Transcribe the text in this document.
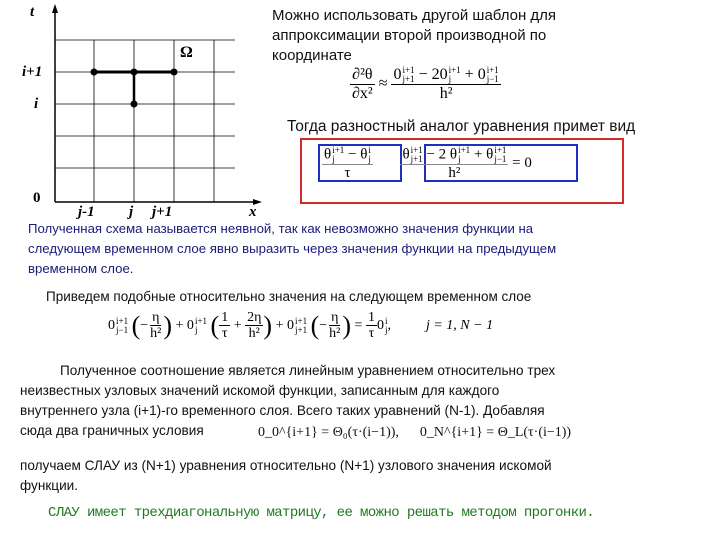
t
i+1
i
0
Ω
j-1 j j+1	x
Можно использовать другой шаблон для
аппроксимации второй производной по
координате
$\frac{\text{∂²θ}}{\text{∂x²}} \approx 0$ i+1
j+1 − 20 i+1
j + 0 i+1
j−1
h²
Тогда разностный аналог уравнения примет вид
θ i+1
j − θ i
j
τ
θ i+1
j+1 − 2 θ i+1
j + θ i+1
j−1
h² = 0
Полученная схема называется неявной, так как невозможно значения функции на
следующем временном слое явно выразить через значения функции на предыдущем
временном слое.
Приведем подобные относительно значения на следующем временном слое
0 i+1
j−1 (− $\frac{\eta}{\text{h²}}$ ) + 0 i+1
j ( $\frac{1}{\tau} + \frac{2\eta}{\text{h²}}$ ) + 0 i+1
j+1 (− $\frac{\eta}{\text{h²}}$ ) = $\frac{1}{\tau} 0$ i
j ,  j = 1, N − 1
Полученное соотношение является линейным уравнением относительно трех
неизвестных узловых значений искомой функции, записанным для каждого
внутреннего узла (i+1)-го временного слоя. Всего таких уравнений (N-1). Добавляя
сюда два граничных условия	0_0^{i+1} = Θ₀(τ·(i−1)), 0_N^{i+1} = Θ_L(τ·(i−1))
получаем СЛАУ из (N+1) уравнения относительно (N+1) узлового значения искомой
функции.
СЛАУ имеет трехдиагональную матрицу, ее можно решать методом прогонки.
